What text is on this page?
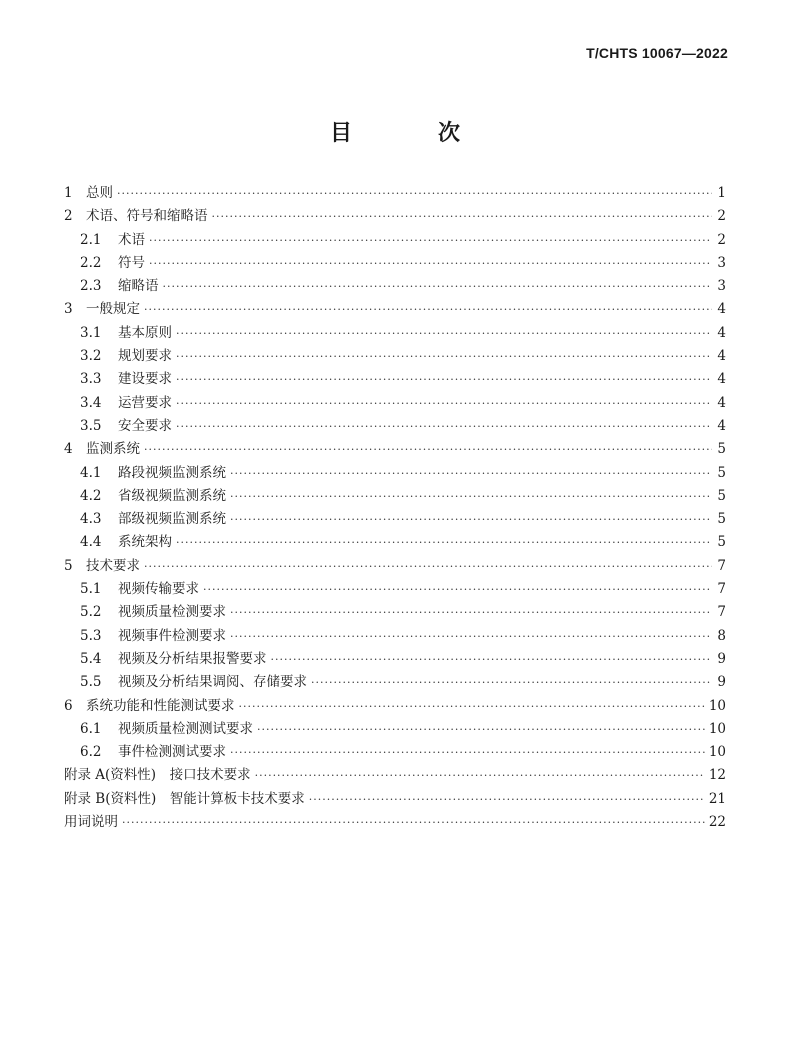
T/CHTS 10067—2022
目　次
1 总则 ·····	1
2 术语、符号和缩略语 ·····	2
2.1	术语 ·····	2
2.2	符号 ·····	3
2.3	缩略语 ·····	3
3 一般规定 ·····	4
3.1	基本原则 ·····	4
3.2	规划要求 ·····	4
3.3	建设要求 ·····	4
3.4	运营要求 ·····	4
3.5	安全要求 ·····	4
4 监测系统 ·····	5
4.1	路段视频监测系统 ·····	5
4.2	省级视频监测系统 ·····	5
4.3	部级视频监测系统 ·····	5
4.4	系统架构 ·····	5
5 技术要求 ·····	7
5.1	视频传输要求 ·····	7
5.2	视频质量检测要求 ·····	7
5.3	视频事件检测要求 ·····	8
5.4	视频及分析结果报警要求 ·····	9
5.5	视频及分析结果调阅、存储要求 ·····	9
6 系统功能和性能测试要求 ·····	10
6.1	视频质量检测测试要求 ·····	10
6.2	事件检测测试要求 ·····	10
附录 A(资料性)　接口技术要求 ·····	12
附录 B(资料性)　智能计算板卡技术要求 ·····	21
用词说明 ·····	22
